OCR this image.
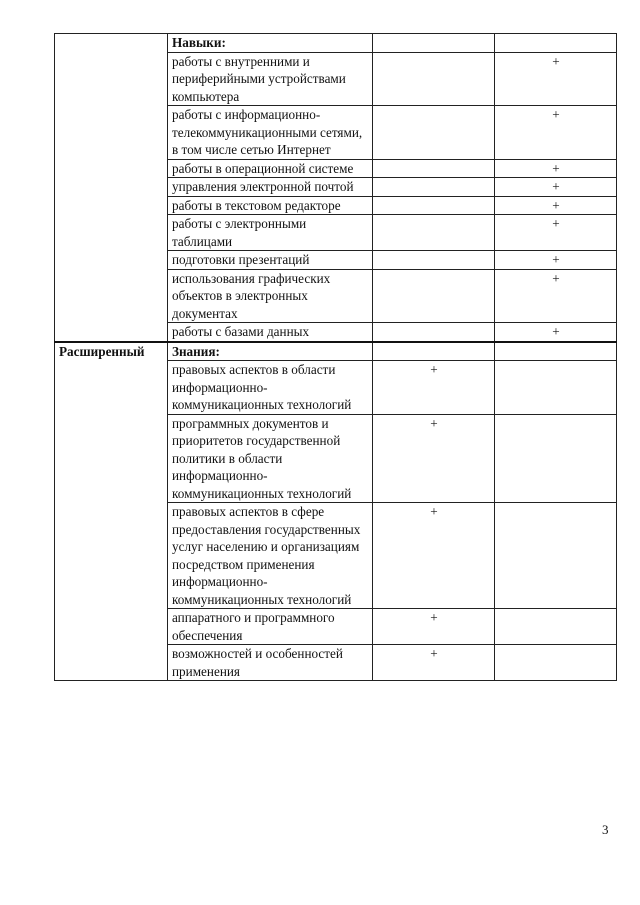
	Навыки:		
	работы с внутренними и периферийными устройствами компьютера		+
	работы с информационно-телекоммуникационными сетями, в том числе сетью Интернет		+
	работы в операционной системе		+
	управления электронной почтой		+
	работы в текстовом редакторе		+
	работы с электронными таблицами		+
	подготовки презентаций		+
	использования графических объектов в электронных документах		+
	работы с базами данных		+
Расширенный	Знания:		
	правовых аспектов в области информационно-коммуникационных технологий	+	
	программных документов и приоритетов государственной политики в области информационно-коммуникационных технологий	+	
	правовых аспектов в сфере предоставления государственных услуг населению и организациям посредством применения информационно-коммуникационных технологий	+	
	аппаратного и программного обеспечения	+	
	возможностей и особенностей применения	+	
3
